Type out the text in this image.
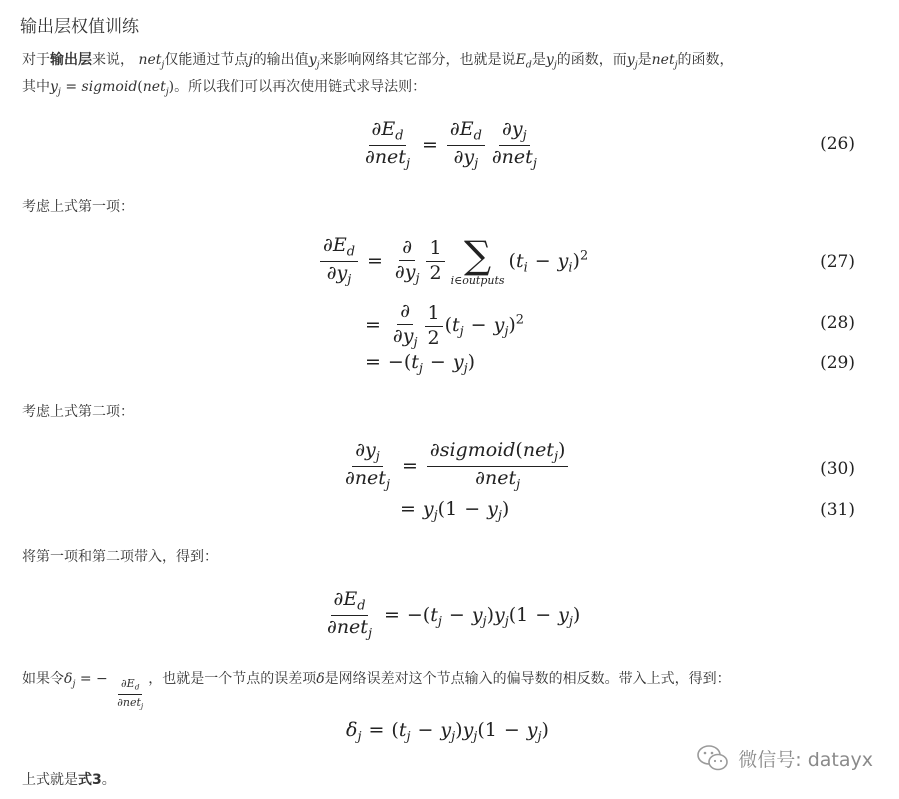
输出层权值训练
对于输出层来说， net$_j$仅能通过节点j的输出值$y_j$来影响网络其它部分，也就是说$E_d$是$y_j$的函数，而$y_j$是net$_j$的函数，
其中$y_j$ = sigmoid(net$_j$)。所以我们可以再次使用链式求导法则：
$\frac{\partial E_d}{\partial net_j} = \frac{\partial E_d}{\partial y_j} \frac{\partial y_j}{\partial net_j}$	(26)
考虑上式第一项：
$\frac{\partial E_d}{\partial y_j} = \frac{\partial}{\partial y_j} \frac{1}{2}$ ∑
i∈outputs
$(t_i - y_i)^2$	(27)
= $\frac{\partial}{\partial y_j} \frac{1}{2} (t_j - y_j)^2$	(28)
= $-(t_j - y_j)$	(29)
考虑上式第二项：
$\frac{\partial y_j}{\partial net_j} = \frac{\partial sigmoid(net_j)}{\partial net_j}$	(30)
= $y_j(1 - y_j)$	(31)
将第一项和第二项带入，得到：
$\frac{\partial E_d}{\partial net_j} = -(t_j - y_j)y_j(1 - y_j)$
如果令$\delta_j$ = − $\frac{\partial E_d}{\partial net_j}$ ，也就是一个节点的误差项δ是网络误差对这个节点输入的偏导数的相反数。带入上式，得到：
$\delta_j = (t_j - y_j)y_j(1 - y_j)$
上式就是式3。
微信号: datayx
